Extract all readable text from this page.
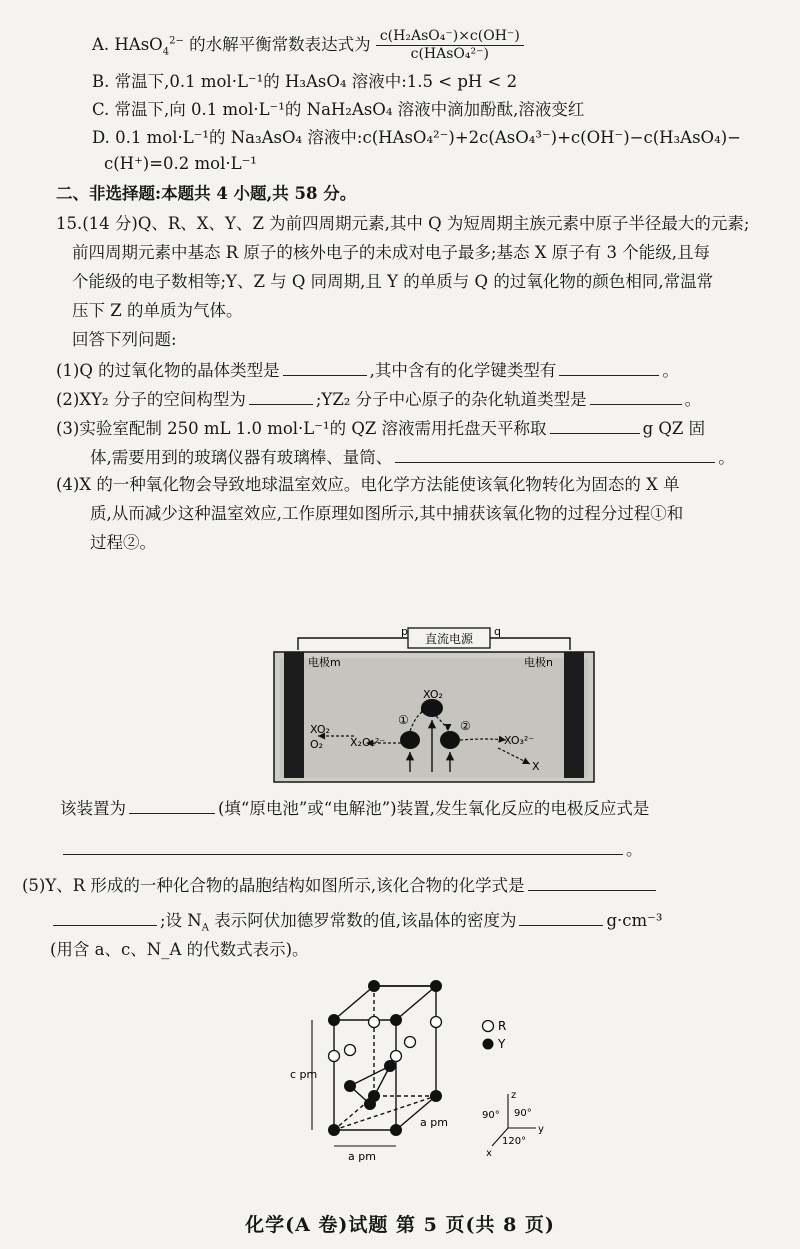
A. HAsO$_4^{2-}$ 的水解平衡常数表达式为 $\frac{\text{c(H₂AsO₄⁻)×c(OH⁻)}}{\text{c(HAsO₄²⁻)}}$
B. 常温下,0.1 mol·L⁻¹的 H₃AsO₄ 溶液中:1.5 < pH < 2
C. 常温下,向 0.1 mol·L⁻¹的 NaH₂AsO₄ 溶液中滴加酚酞,溶液变红
D. 0.1 mol·L⁻¹的 Na₃AsO₄ 溶液中:c(HAsO₄²⁻)+2c(AsO₄³⁻)+c(OH⁻)−c(H₃AsO₄)−
c(H⁺)=0.2 mol·L⁻¹
二、非选择题:本题共 4 小题,共 58 分。
15.(14 分)Q、R、X、Y、Z 为前四周期元素,其中 Q 为短周期主族元素中原子半径最大的元素;
前四周期元素中基态 R 原子的核外电子的未成对电子最多;基态 X 原子有 3 个能级,且每
个能级的电子数相等;Y、Z 与 Q 同周期,且 Y 的单质与 Q 的过氧化物的颜色相同,常温常
压下 Z 的单质为气体。
回答下列问题:
(1)Q 的过氧化物的晶体类型是	,其中含有的化学键类型有	。
(2)XY₂ 分子的空间构型为	;YZ₂ 分子中心原子的杂化轨道类型是	。
(3)实验室配制 250 mL 1.0 mol·L⁻¹的 QZ 溶液需用托盘天平称取	g QZ 固
体,需要用到的玻璃仪器有玻璃棒、量筒、	。
(4)X 的一种氧化物会导致地球温室效应。电化学方法能使该氧化物转化为固态的 X 单
质,从而减少这种温室效应,工作原理如图所示,其中捕获该氧化物的过程分过程①和
过程②。
直流电源
p	q
电极m	电极n
XO₂
①	②
XO₂
O₂ X₂O₅²⁻	XO₃²⁻
X
该装置为	(填“原电池”或“电解池”)装置,发生氧化反应的电极反应式是
。
(5)Y、R 形成的一种化合物的晶胞结构如图所示,该化合物的化学式是
;设 $N_A$ 表示阿伏加德罗常数的值,该晶体的密度为	g·cm⁻³
(用含 a、c、N_A 的代数式表示)。
c pm
a pm
a pm
R
Y
z
y
x
90° 90°
120°
化学(A 卷)试题 第 5 页(共 8 页)
